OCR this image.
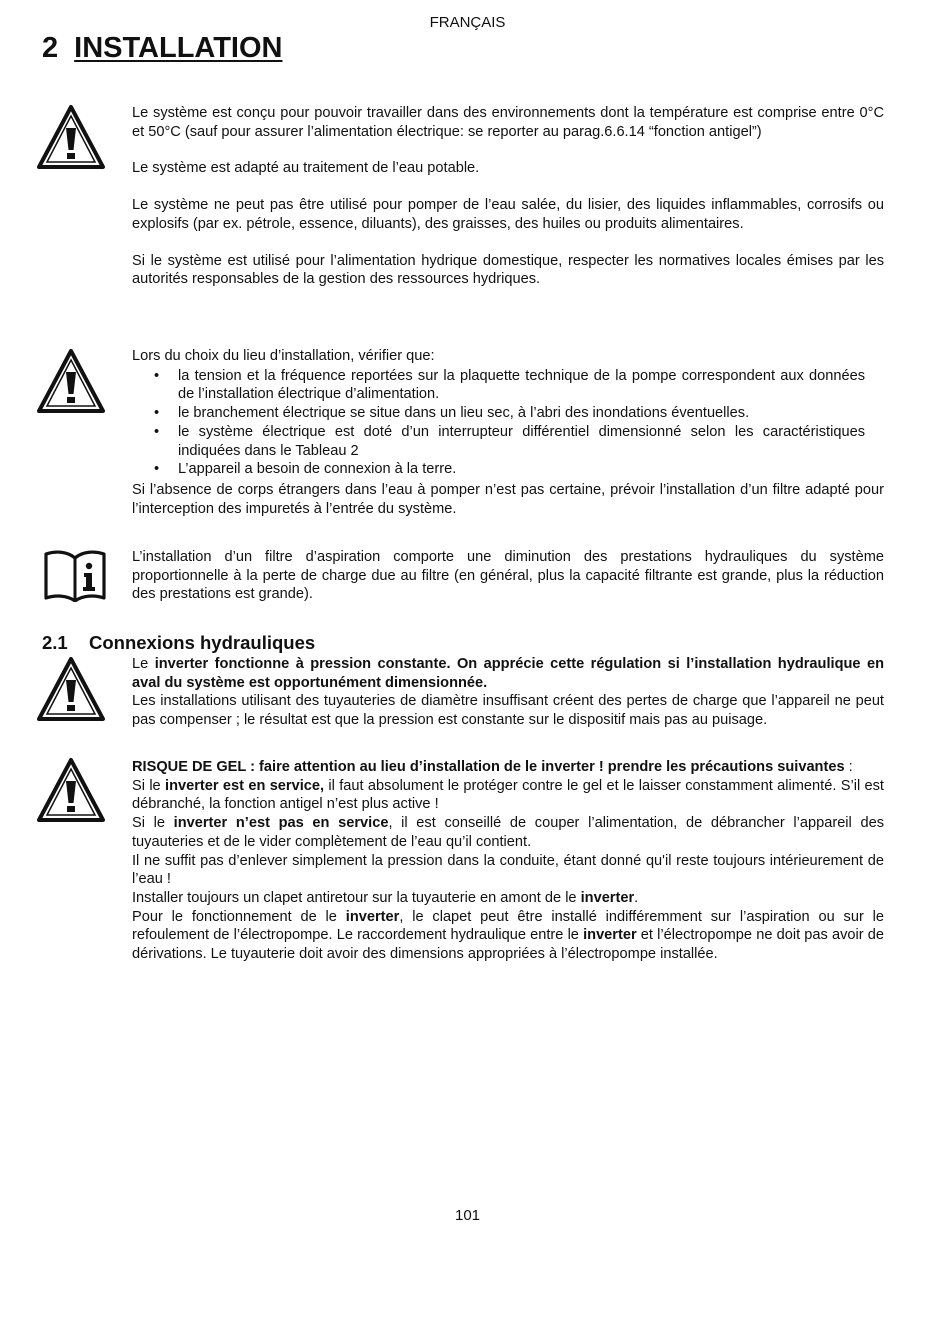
FRANÇAIS
2 INSTALLATION

Le système est conçu pour pouvoir travailler dans des environnements dont la température est comprise entre 0°C et 50°C (sauf pour assurer l’alimentation électrique: se reporter au parag.6.6.14 “fonction antigel”)

Le système est adapté au traitement de l’eau potable.

Le système ne peut pas être utilisé pour pomper de l’eau salée, du lisier, des liquides inflammables, corrosifs ou explosifs (par ex. pétrole, essence, diluants), des graisses, des huiles ou produits alimentaires.

Si le système est utilisé pour l’alimentation hydrique domestique, respecter les normatives locales émises par les autorités responsables de la gestion des ressources hydriques.

Lors du choix du lieu d’installation, vérifier que:

• la tension et la fréquence reportées sur la plaquette technique de la pompe correspondent aux données de l’installation électrique d’alimentation.
• le branchement électrique se situe dans un lieu sec, à l’abri des inondations éventuelles.
• le système électrique est doté d’un interrupteur différentiel dimensionné selon les caractéristiques indiquées dans le Tableau 2
• L’appareil a besoin de connexion à la terre.

Si l’absence de corps étrangers dans l’eau à pomper n’est pas certaine, prévoir l’installation d’un filtre adapté pour l’interception des impuretés à l’entrée du système.

L’installation d’un filtre d’aspiration comporte une diminution des prestations hydrauliques du système proportionnelle à la perte de charge due au filtre (en général, plus la capacité filtrante est grande, plus la réduction des prestations est grande).

2.1 Connexions hydrauliques

Le inverter fonctionne à pression constante. On apprécie cette régulation si l’installation hydraulique en aval du système est opportunément dimensionnée.

Les installations utilisant des tuyauteries de diamètre insuffisant créent des pertes de charge que l’appareil ne peut pas compenser ; le résultat est que la pression est constante sur le dispositif mais pas au puisage.

RISQUE DE GEL : faire attention au lieu d’installation de le inverter ! prendre les précautions suivantes :

Si le inverter est en service, il faut absolument le protéger contre le gel et le laisser constamment alimenté. S’il est débranché, la fonction antigel n’est plus active !

Si le inverter n’est pas en service, il est conseillé de couper l’alimentation, de débrancher l’appareil des tuyauteries et de le vider complètement de l’eau qu’il contient.

Il ne suffit pas d’enlever simplement la pression dans la conduite, étant donné qu'il reste toujours intérieurement de l’eau !

Installer toujours un clapet antiretour sur la tuyauterie en amont de le inverter.

Pour le fonctionnement de le inverter, le clapet peut être installé indifféremment sur l’aspiration ou sur le refoulement de l’électropompe. Le raccordement hydraulique entre le inverter et l’électropompe ne doit pas avoir de dérivations. Le tuyauterie doit avoir des dimensions appropriées à l’électropompe installée.

101
